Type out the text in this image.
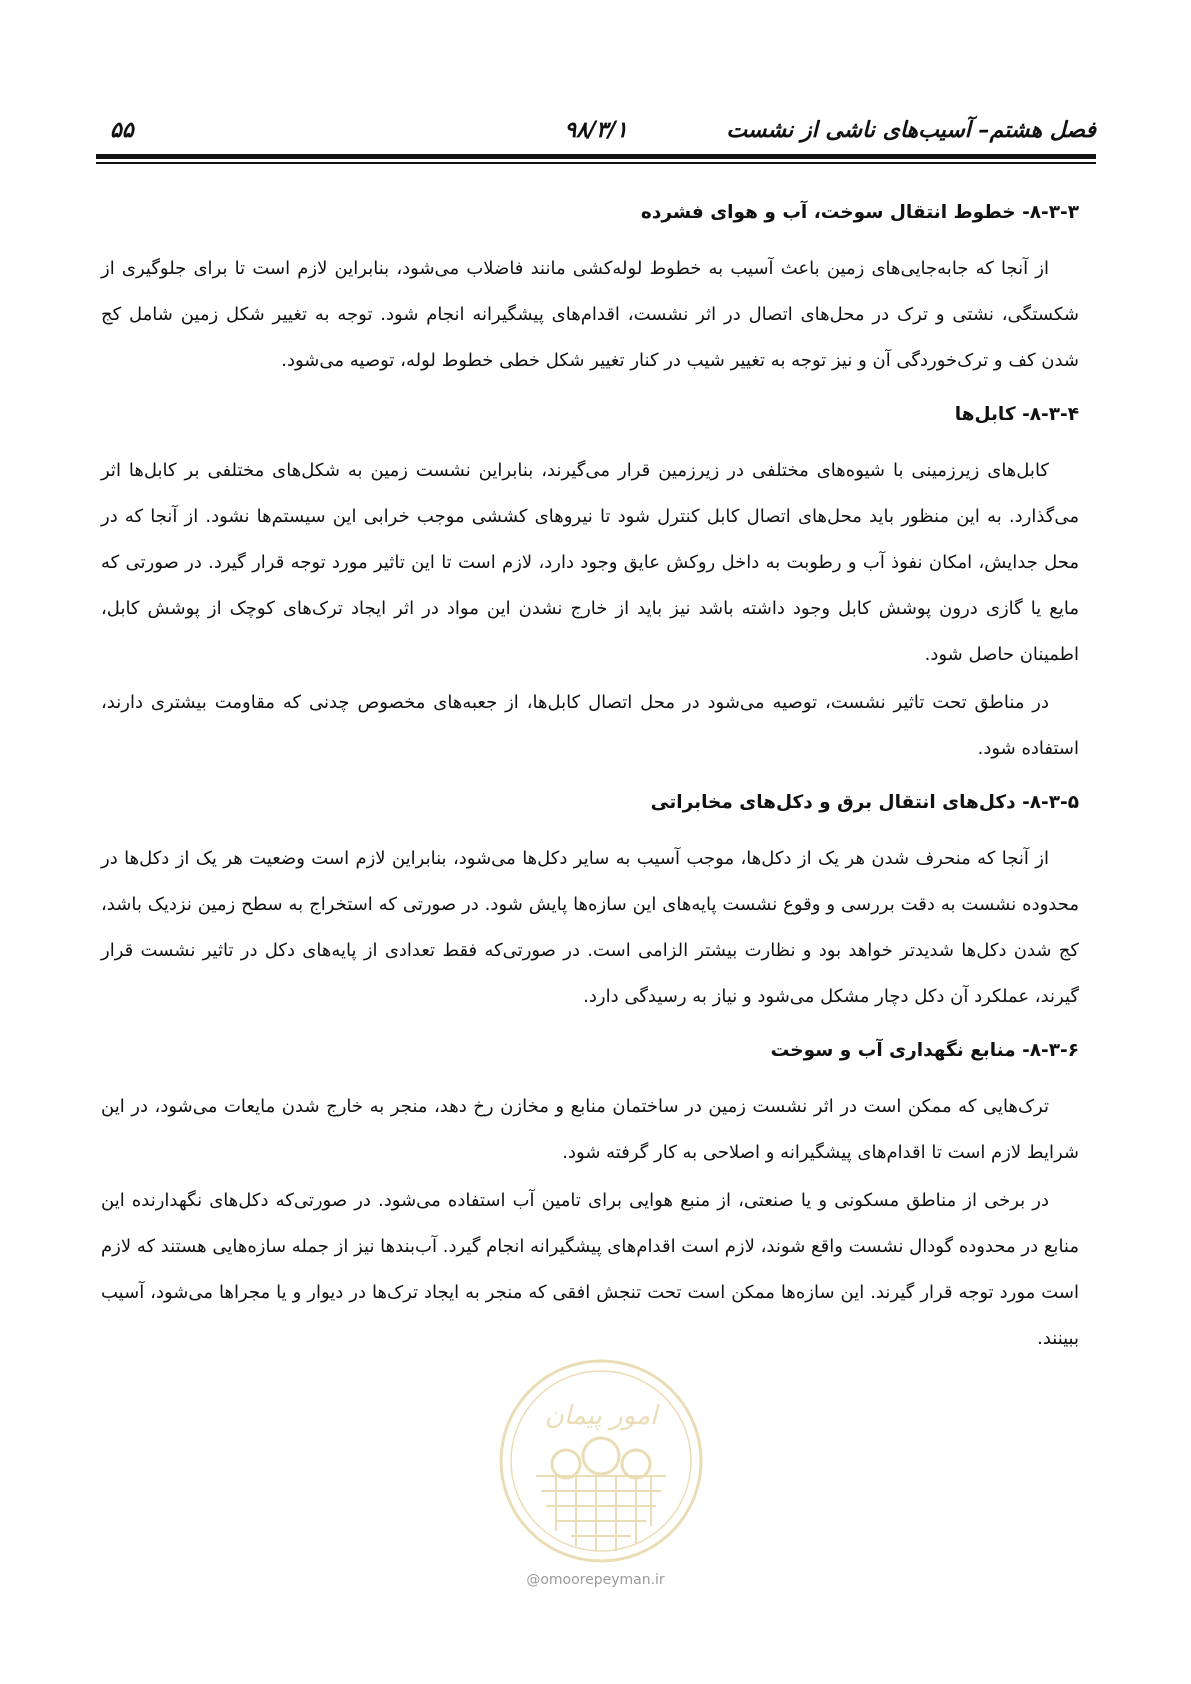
فصل هشتم– آسیب‌های ناشی از نشست
۹۸/۳/۱
۵۵
۸-۳-۳- خطوط انتقال سوخت، آب و هوای فشرده

از آنجا که جابه‌جایی‌های زمین باعث آسیب به خطوط لوله‌کشی مانند فاضلاب می‌شود، بنابراین لازم است تا برای جلوگیری از شکستگی، نشتی و ترک در محل‌های اتصال در اثر نشست، اقدام‌های پیشگیرانه انجام شود. توجه به تغییر شکل زمین شامل کج شدن کف و ترک‌خوردگی آن و نیز توجه به تغییر شیب در کنار تغییر شکل خطی خطوط لوله، توصیه می‌شود.

۸-۳-۴- کابل‌ها

کابل‌های زیرزمینی با شیوه‌های مختلفی در زیرزمین قرار می‌گیرند، بنابراین نشست زمین به شکل‌های مختلفی بر کابل‌ها اثر می‌گذارد. به این منظور باید محل‌های اتصال کابل کنترل شود تا نیروهای کششی موجب خرابی این سیستم‌ها نشود. از آنجا که در محل جدایش، امکان نفوذ آب و رطوبت به داخل روکش عایق وجود دارد، لازم است تا این تاثیر مورد توجه قرار گیرد. در صورتی که مایع یا گازی درون پوشش کابل وجود داشته باشد نیز باید از خارج نشدن این مواد در اثر ایجاد ترک‌های کوچک از پوشش کابل، اطمینان حاصل شود.

در مناطق تحت تاثیر نشست، توصیه می‌شود در محل اتصال کابل‌ها، از جعبه‌های مخصوص چدنی که مقاومت بیشتری دارند، استفاده شود.

۸-۳-۵- دکل‌های انتقال برق و دکل‌های مخابراتی

از آنجا که منحرف شدن هر یک از دکل‌ها، موجب آسیب به سایر دکل‌ها می‌شود، بنابراین لازم است وضعیت هر یک از دکل‌ها در محدوده نشست به دقت بررسی و وقوع نشست پایه‌های این سازه‌ها پایش شود. در صورتی که استخراج به سطح زمین نزدیک باشد، کج شدن دکل‌ها شدیدتر خواهد بود و نظارت بیشتر الزامی است. در صورتی‌که فقط تعدادی از پایه‌های دکل در تاثیر نشست قرار گیرند، عملکرد آن دکل دچار مشکل می‌شود و نیاز به رسیدگی دارد.

۸-۳-۶- منابع نگهداری آب و سوخت

ترک‌هایی که ممکن است در اثر نشست زمین در ساختمان منابع و مخازن رخ دهد، منجر به خارج شدن مایعات می‌شود، در این شرایط لازم است تا اقدام‌های پیشگیرانه و اصلاحی به کار گرفته شود.

در برخی از مناطق مسکونی و یا صنعتی، از منبع هوایی برای تامین آب استفاده می‌شود. در صورتی‌که دکل‌های نگهدارنده این منابع در محدوده گودال نشست واقع شوند، لازم است اقدام‌های پیشگیرانه انجام گیرد. آب‌بندها نیز از جمله سازه‌هایی هستند که لازم است مورد توجه قرار گیرند. این سازه‌ها ممکن است تحت تنجش افقی که منجر به ایجاد ترک‌ها در دیوار و یا مجراها می‌شود، آسیب ببینند.

امور پیمان
@omoorepeyman.ir
